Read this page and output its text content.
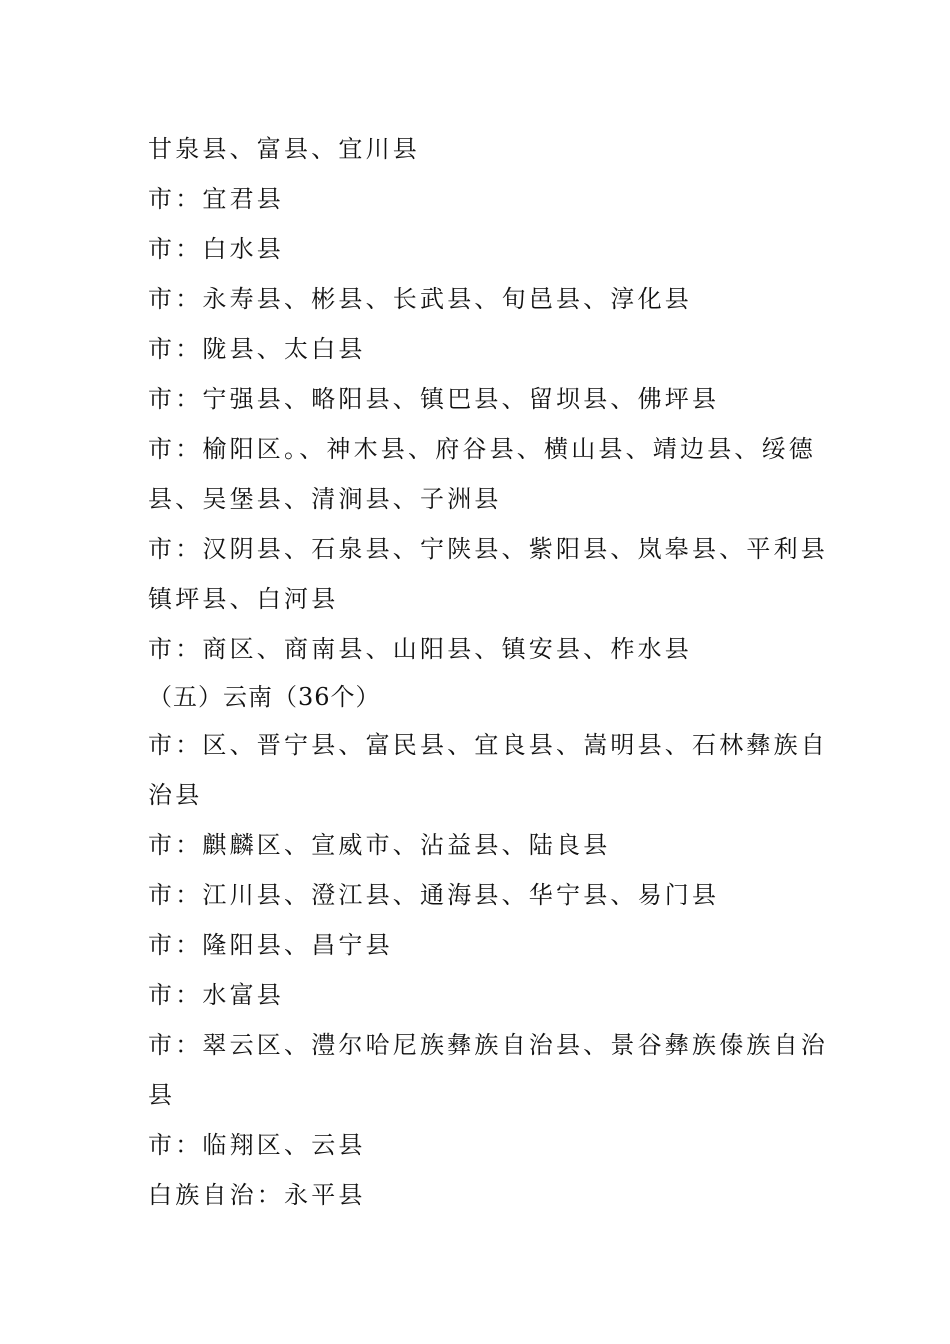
甘泉县、富县、宜川县
市：宜君县
市：白水县
市：永寿县、彬县、长武县、旬邑县、淳化县
市：陇县、太白县
市：宁强县、略阳县、镇巴县、留坝县、佛坪县
市：榆阳区。、神木县、府谷县、横山县、靖边县、绥德
县、吴堡县、清涧县、子洲县
市：汉阴县、石泉县、宁陕县、紫阳县、岚皋县、平利县
镇坪县、白河县
市：商区、商南县、山阳县、镇安县、柞水县
（五）云南（36个）
市：区、晋宁县、富民县、宜良县、嵩明县、石林彝族自
治县
市：麒麟区、宣威市、沾益县、陆良县
市：江川县、澄江县、通海县、华宁县、易门县
市：隆阳县、昌宁县
市：水富县
市：翠云区、澧尔哈尼族彝族自治县、景谷彝族傣族自治
县
市：临翔区、云县
白族自治：永平县
